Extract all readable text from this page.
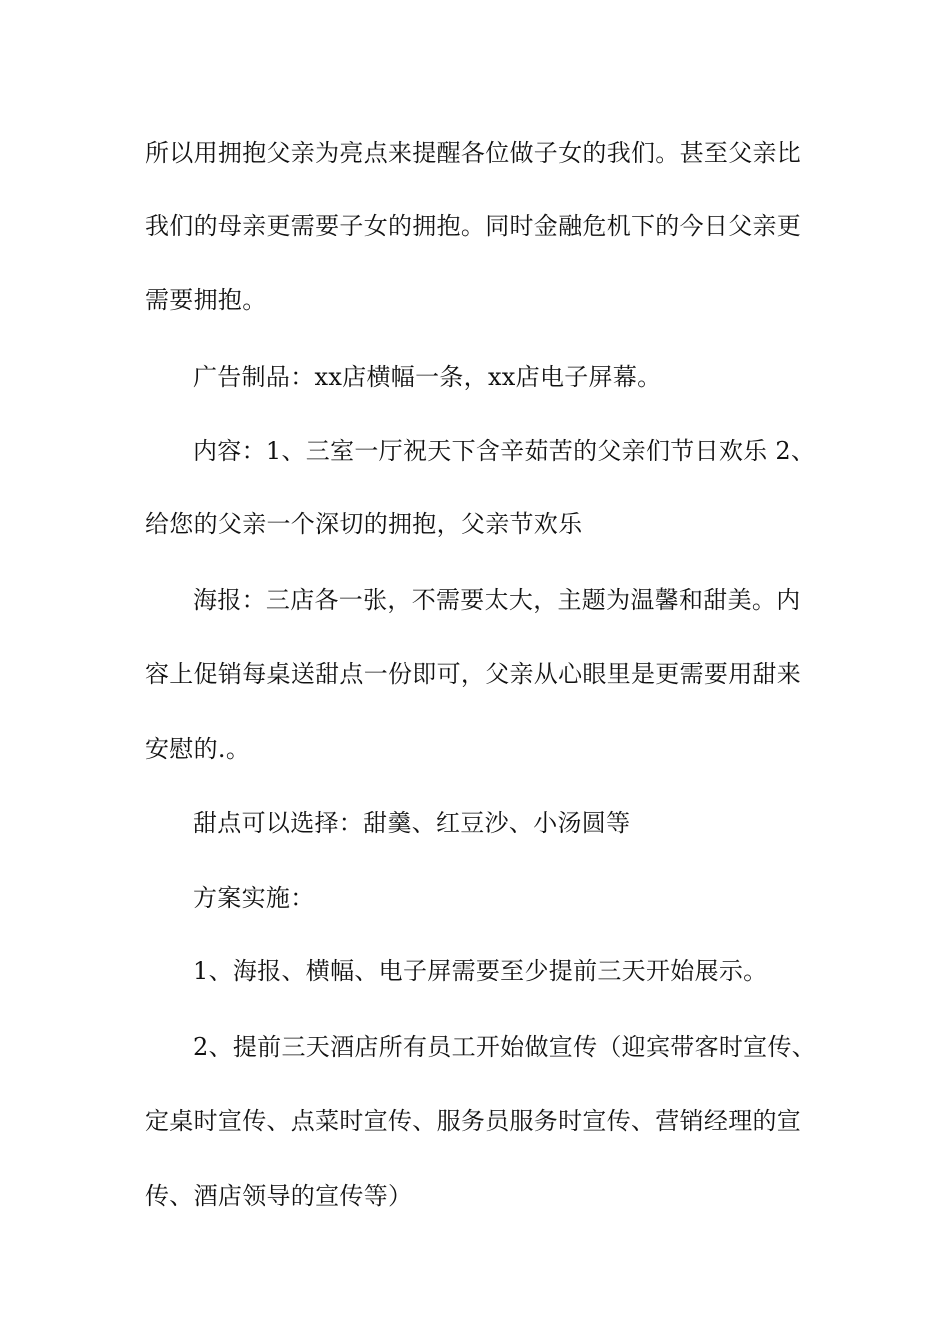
所以用拥抱父亲为亮点来提醒各位做子女的我们。甚至父亲比
我们的母亲更需要子女的拥抱。同时金融危机下的今日父亲更
需要拥抱。
广告制品：xx店横幅一条，xx店电子屏幕。
内容：1、三室一厅祝天下含辛茹苦的父亲们节日欢乐 2、
给您的父亲一个深切的拥抱，父亲节欢乐
海报：三店各一张，不需要太大，主题为温馨和甜美。内
容上促销每桌送甜点一份即可，父亲从心眼里是更需要用甜来
安慰的.。
甜点可以选择：甜羹、红豆沙、小汤圆等
方案实施：
1、海报、横幅、电子屏需要至少提前三天开始展示。
2、提前三天酒店所有员工开始做宣传（迎宾带客时宣传、
定桌时宣传、点菜时宣传、服务员服务时宣传、营销经理的宣
传、酒店领导的宣传等）
